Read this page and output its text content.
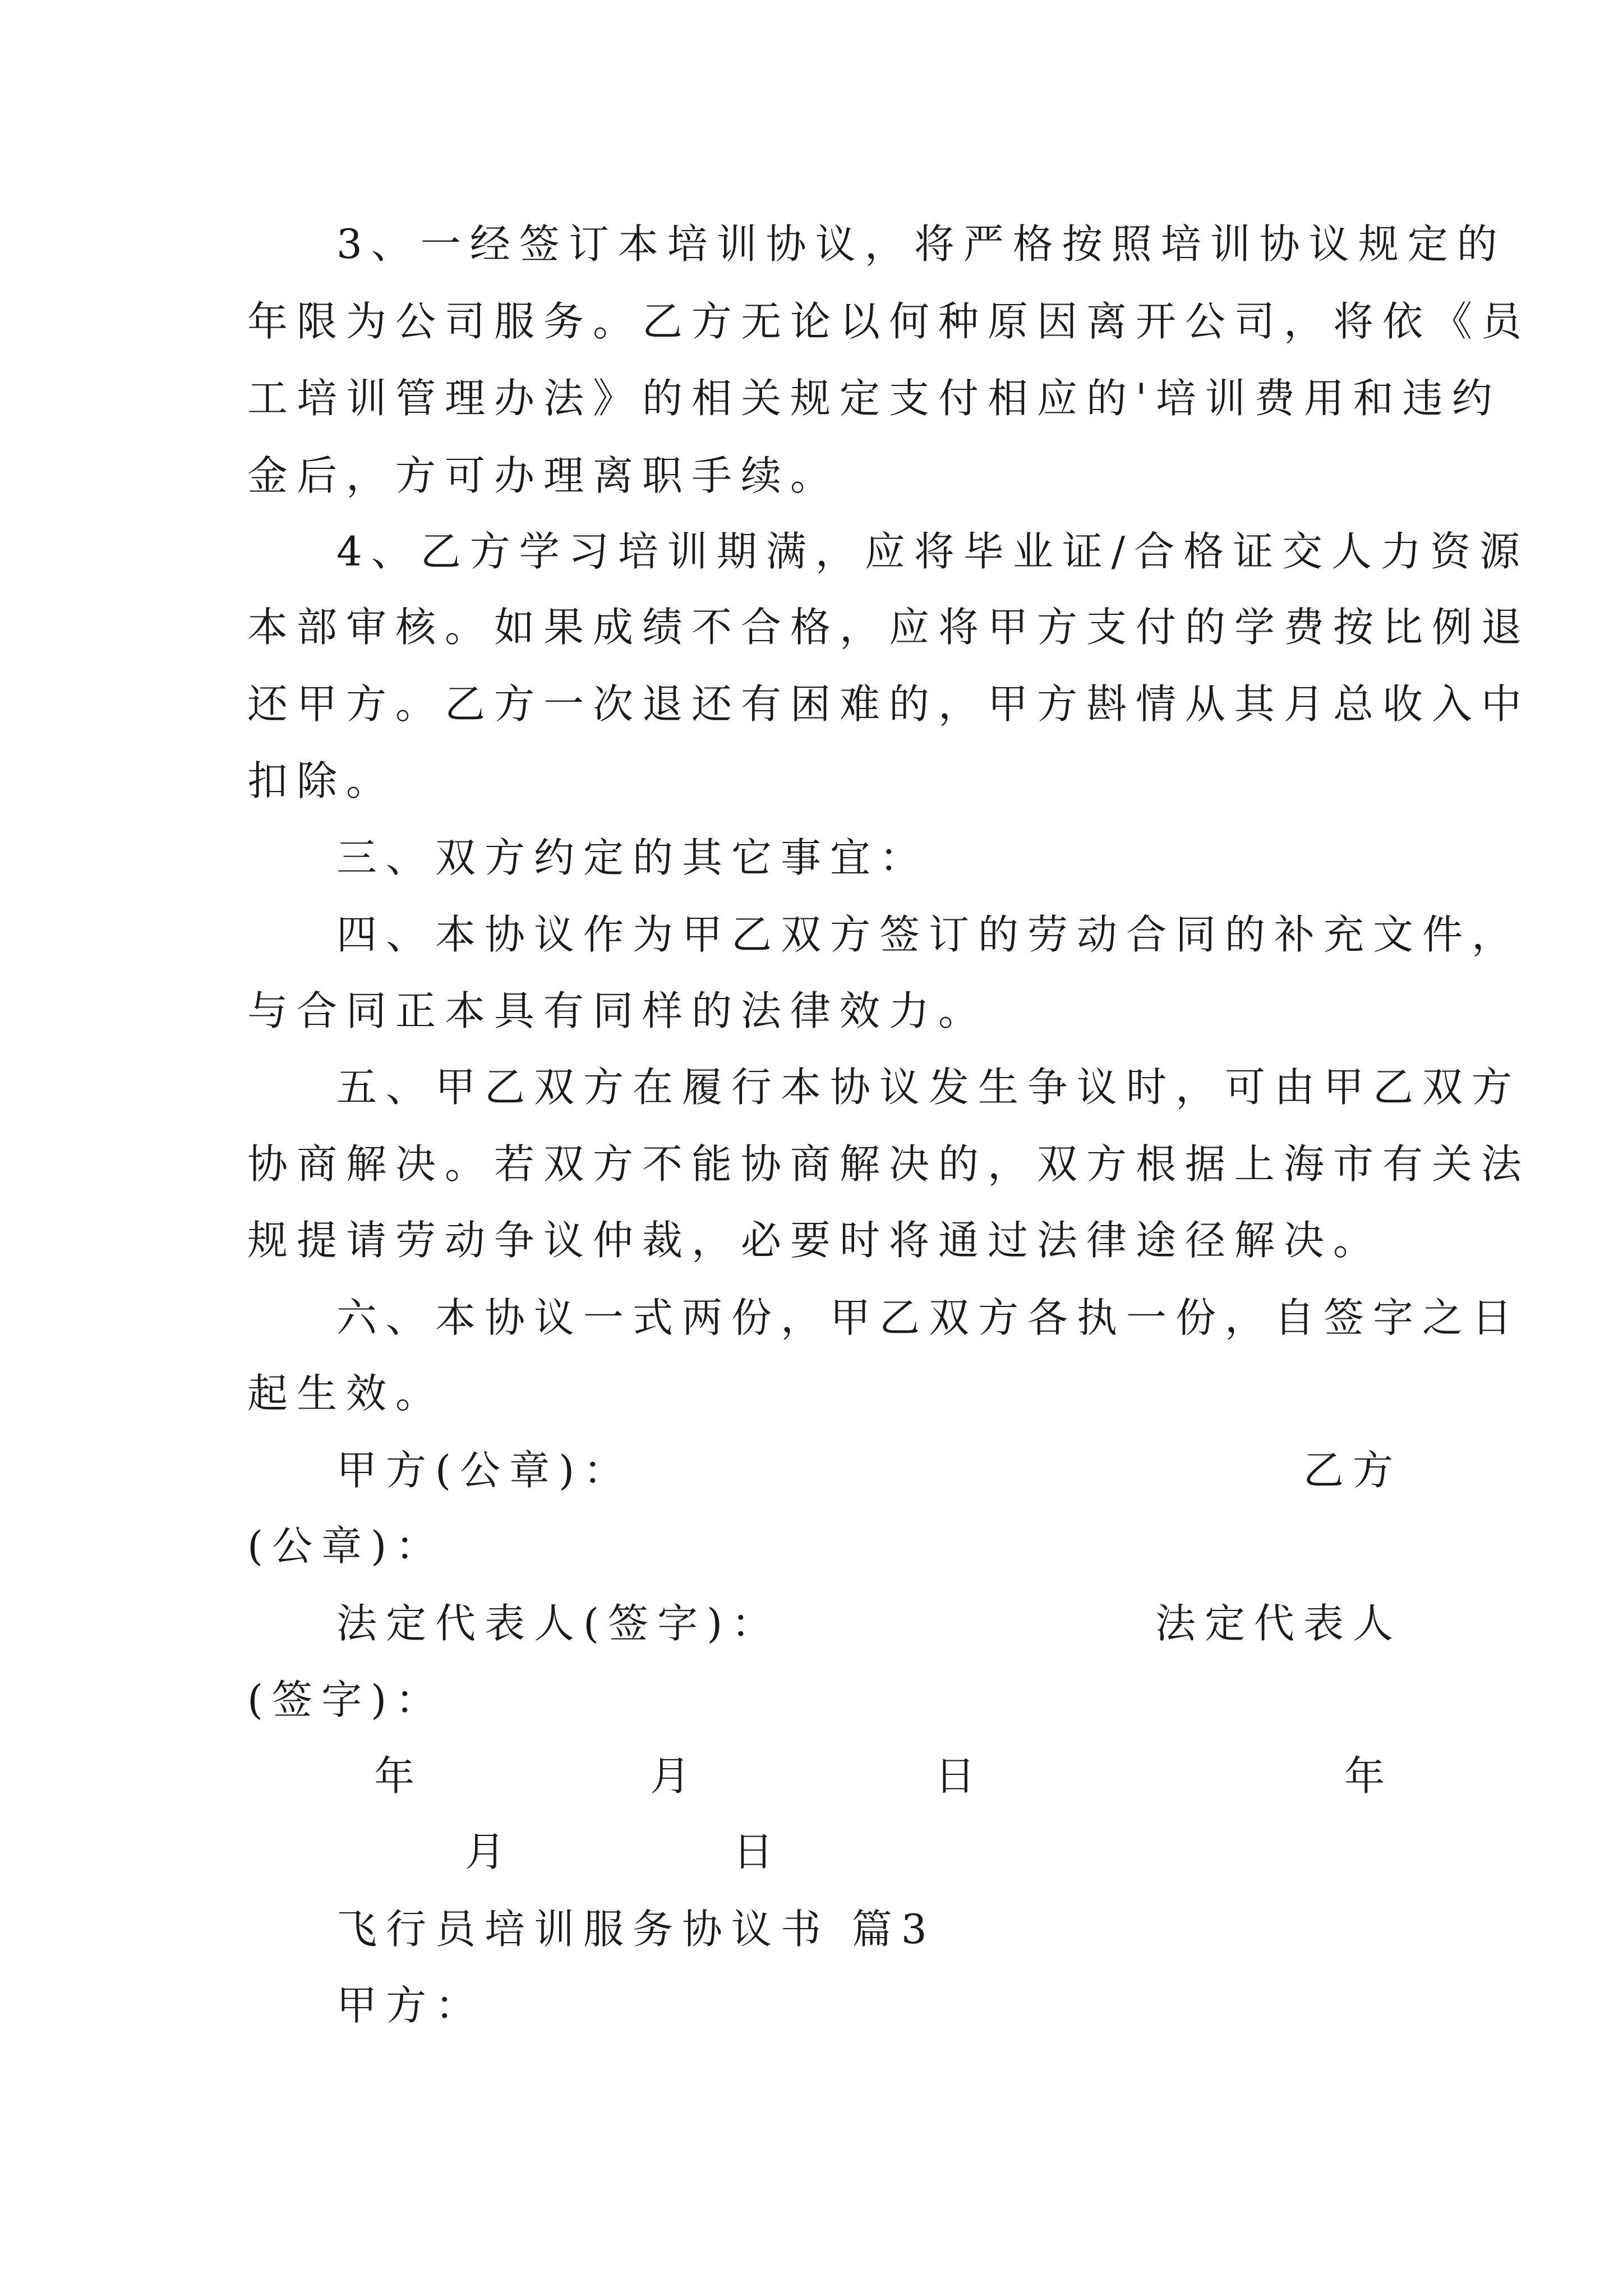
3、一经签订本培训协议，将严格按照培训协议规定的
年限为公司服务。乙方无论以何种原因离开公司，将依《员
工培训管理办法》的相关规定支付相应的'培训费用和违约
金后，方可办理离职手续。
4、乙方学习培训期满，应将毕业证/合格证交人力资源
本部审核。如果成绩不合格，应将甲方支付的学费按比例退
还甲方。乙方一次退还有困难的，甲方斟情从其月总收入中
扣除。
三、双方约定的其它事宜：
四、本协议作为甲乙双方签订的劳动合同的补充文件，
与合同正本具有同样的法律效力。
五、甲乙双方在履行本协议发生争议时，可由甲乙双方
协商解决。若双方不能协商解决的，双方根据上海市有关法
规提请劳动争议仲裁，必要时将通过法律途径解决。
六、本协议一式两份，甲乙双方各执一份，自签字之日
起生效。
甲方(公章)：	乙方
(公章)：
法定代表人(签字)：	法定代表人
(签字)：
年	月	日	年
月	日
飞行员培训服务协议书 篇3
甲方：
